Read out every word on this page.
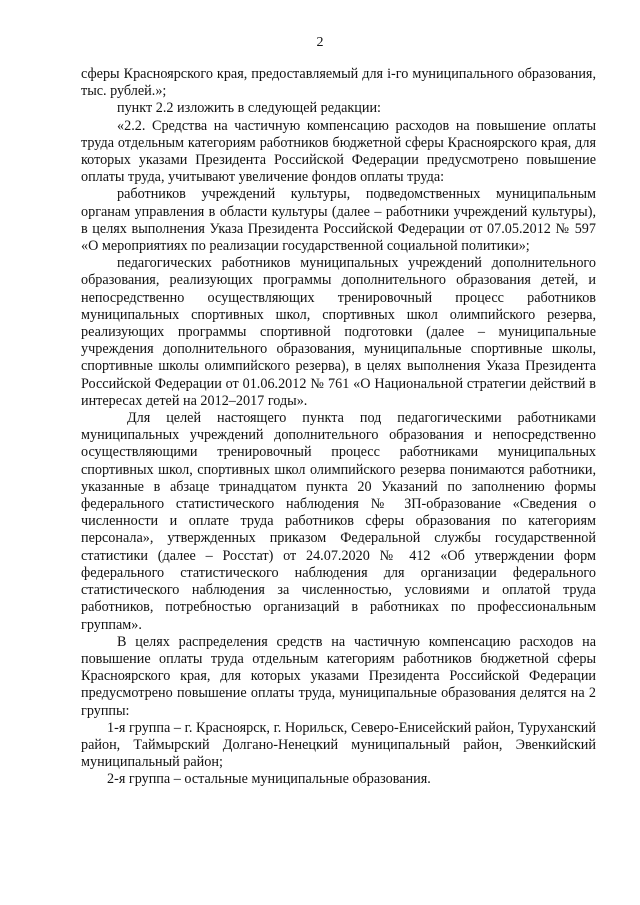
2

сферы Красноярского края, предоставляемый для i-го муниципального образования, тыс. рублей.»;

пункт 2.2 изложить в следующей редакции:

«2.2. Средства на частичную компенсацию расходов на повышение оплаты труда отдельным категориям работников бюджетной сферы Красноярского края, для которых указами Президента Российской Федерации предусмотрено повышение оплаты труда, учитывают увеличение фондов оплаты труда:

работников учреждений культуры, подведомственных муниципальным органам управления в области культуры (далее – работники учреждений культуры), в целях выполнения Указа Президента Российской Федерации от 07.05.2012 № 597 «О мероприятиях по реализации государственной социальной политики»;

педагогических работников муниципальных учреждений дополнительного образования, реализующих программы дополнительного образования детей, и непосредственно осуществляющих тренировочный процесс работников муниципальных спортивных школ, спортивных школ олимпийского резерва, реализующих программы спортивной подготовки (далее – муниципальные учреждения дополнительного образования, муниципальные спортивные школы, спортивные школы олимпийского резерва), в целях выполнения Указа Президента Российской Федерации от 01.06.2012 № 761 «О Национальной стратегии действий в интересах детей на 2012–2017 годы».

Для целей настоящего пункта под педагогическими работниками муниципальных учреждений дополнительного образования и непосредственно осуществляющими тренировочный процесс работниками муниципальных спортивных школ, спортивных школ олимпийского резерва понимаются работники, указанные в абзаце тринадцатом пункта 20 Указаний по заполнению формы федерального статистического наблюдения № ЗП-образование «Сведения о численности и оплате труда работников сферы образования по категориям персонала», утвержденных приказом Федеральной службы государственной статистики (далее – Росстат) от 24.07.2020 № 412 «Об утверждении форм федерального статистического наблюдения для организации федерального статистического наблюдения за численностью, условиями и оплатой труда работников, потребностью организаций в работниках по профессиональным группам».

В целях распределения средств на частичную компенсацию расходов на повышение оплаты труда отдельным категориям работников бюджетной сферы Красноярского края, для которых указами Президента Российской Федерации предусмотрено повышение оплаты труда, муниципальные образования делятся на 2 группы:

1-я группа – г. Красноярск, г. Норильск, Северо-Енисейский район, Туруханский район, Таймырский Долгано-Ненецкий муниципальный район, Эвенкийский муниципальный район;

2-я группа – остальные муниципальные образования.
